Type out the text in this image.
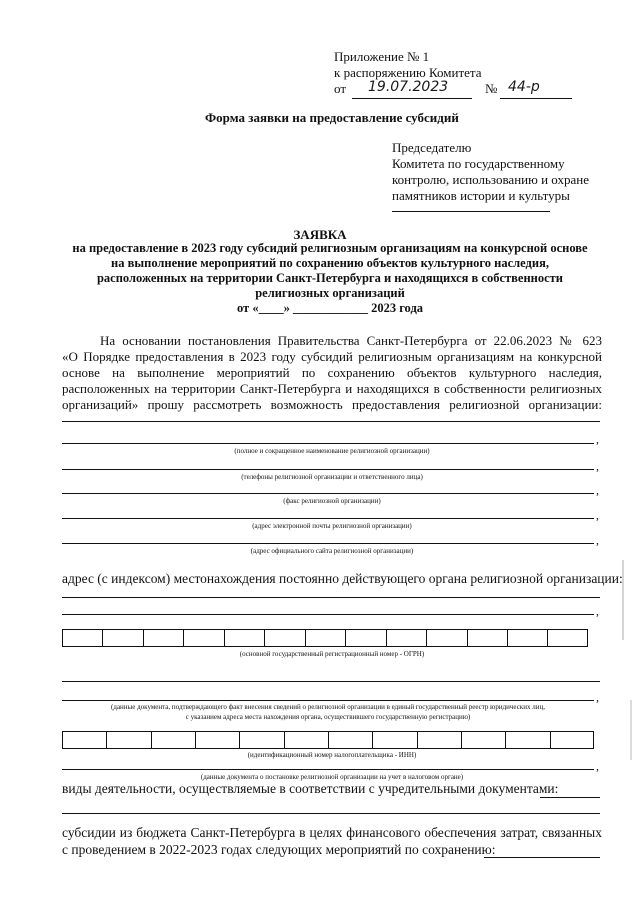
Приложение № 1
к распоряжению Комитета
от 19.07.2023	№ 44-р
Форма заявки на предоставление субсидий
Председателю
Комитета по государственному
контролю, использованию и охране
памятников истории и культуры
ЗАЯВКА
на предоставление в 2023 году субсидий религиозным организациям на конкурсной основе
на выполнение мероприятий по сохранению объектов культурного наследия,
расположенных на территории Санкт-Петербурга и находящихся в собственности
религиозных организаций
от «____» ____________ 2023 года
На основании постановления Правительства Санкт-Петербурга от 22.06.2023 № 623
«О Порядке предоставления в 2023 году субсидий религиозным организациям на конкурсной
основе на выполнение мероприятий по сохранению объектов культурного наследия,
расположенных на территории Санкт-Петербурга и находящихся в собственности религиозных
организаций» прошу рассмотреть возможность предоставления религиозной организации:
,
(полное и сокращенное наименование религиозной организации)
,
(телефоны религиозной организации и ответственного лица)
,
(факс религиозной организации)
,
(адрес электронной почты религиозной организации)
,
(адрес официального сайта религиозной организации)
адрес (с индексом) местонахождения постоянно действующего органа религиозной организации:
,
(основной государственный регистрационный номер - ОГРН)
,
(данные документа, подтверждающего факт внесения сведений о религиозной организации в единый государственный реестр юридических лиц,
с указанием адреса места нахождения органа, осуществившего государственную регистрацию)
(идентификационный номер налогоплательщика - ИНН)
,
(данные документа о постановке религиозной организации на учет в налоговом органе)
виды деятельности, осуществляемые в соответствии с учредительными документами:
субсидии из бюджета Санкт-Петербурга в целях финансового обеспечения затрат, связанных
с проведением в 2022-2023 годах следующих мероприятий по сохранению:
